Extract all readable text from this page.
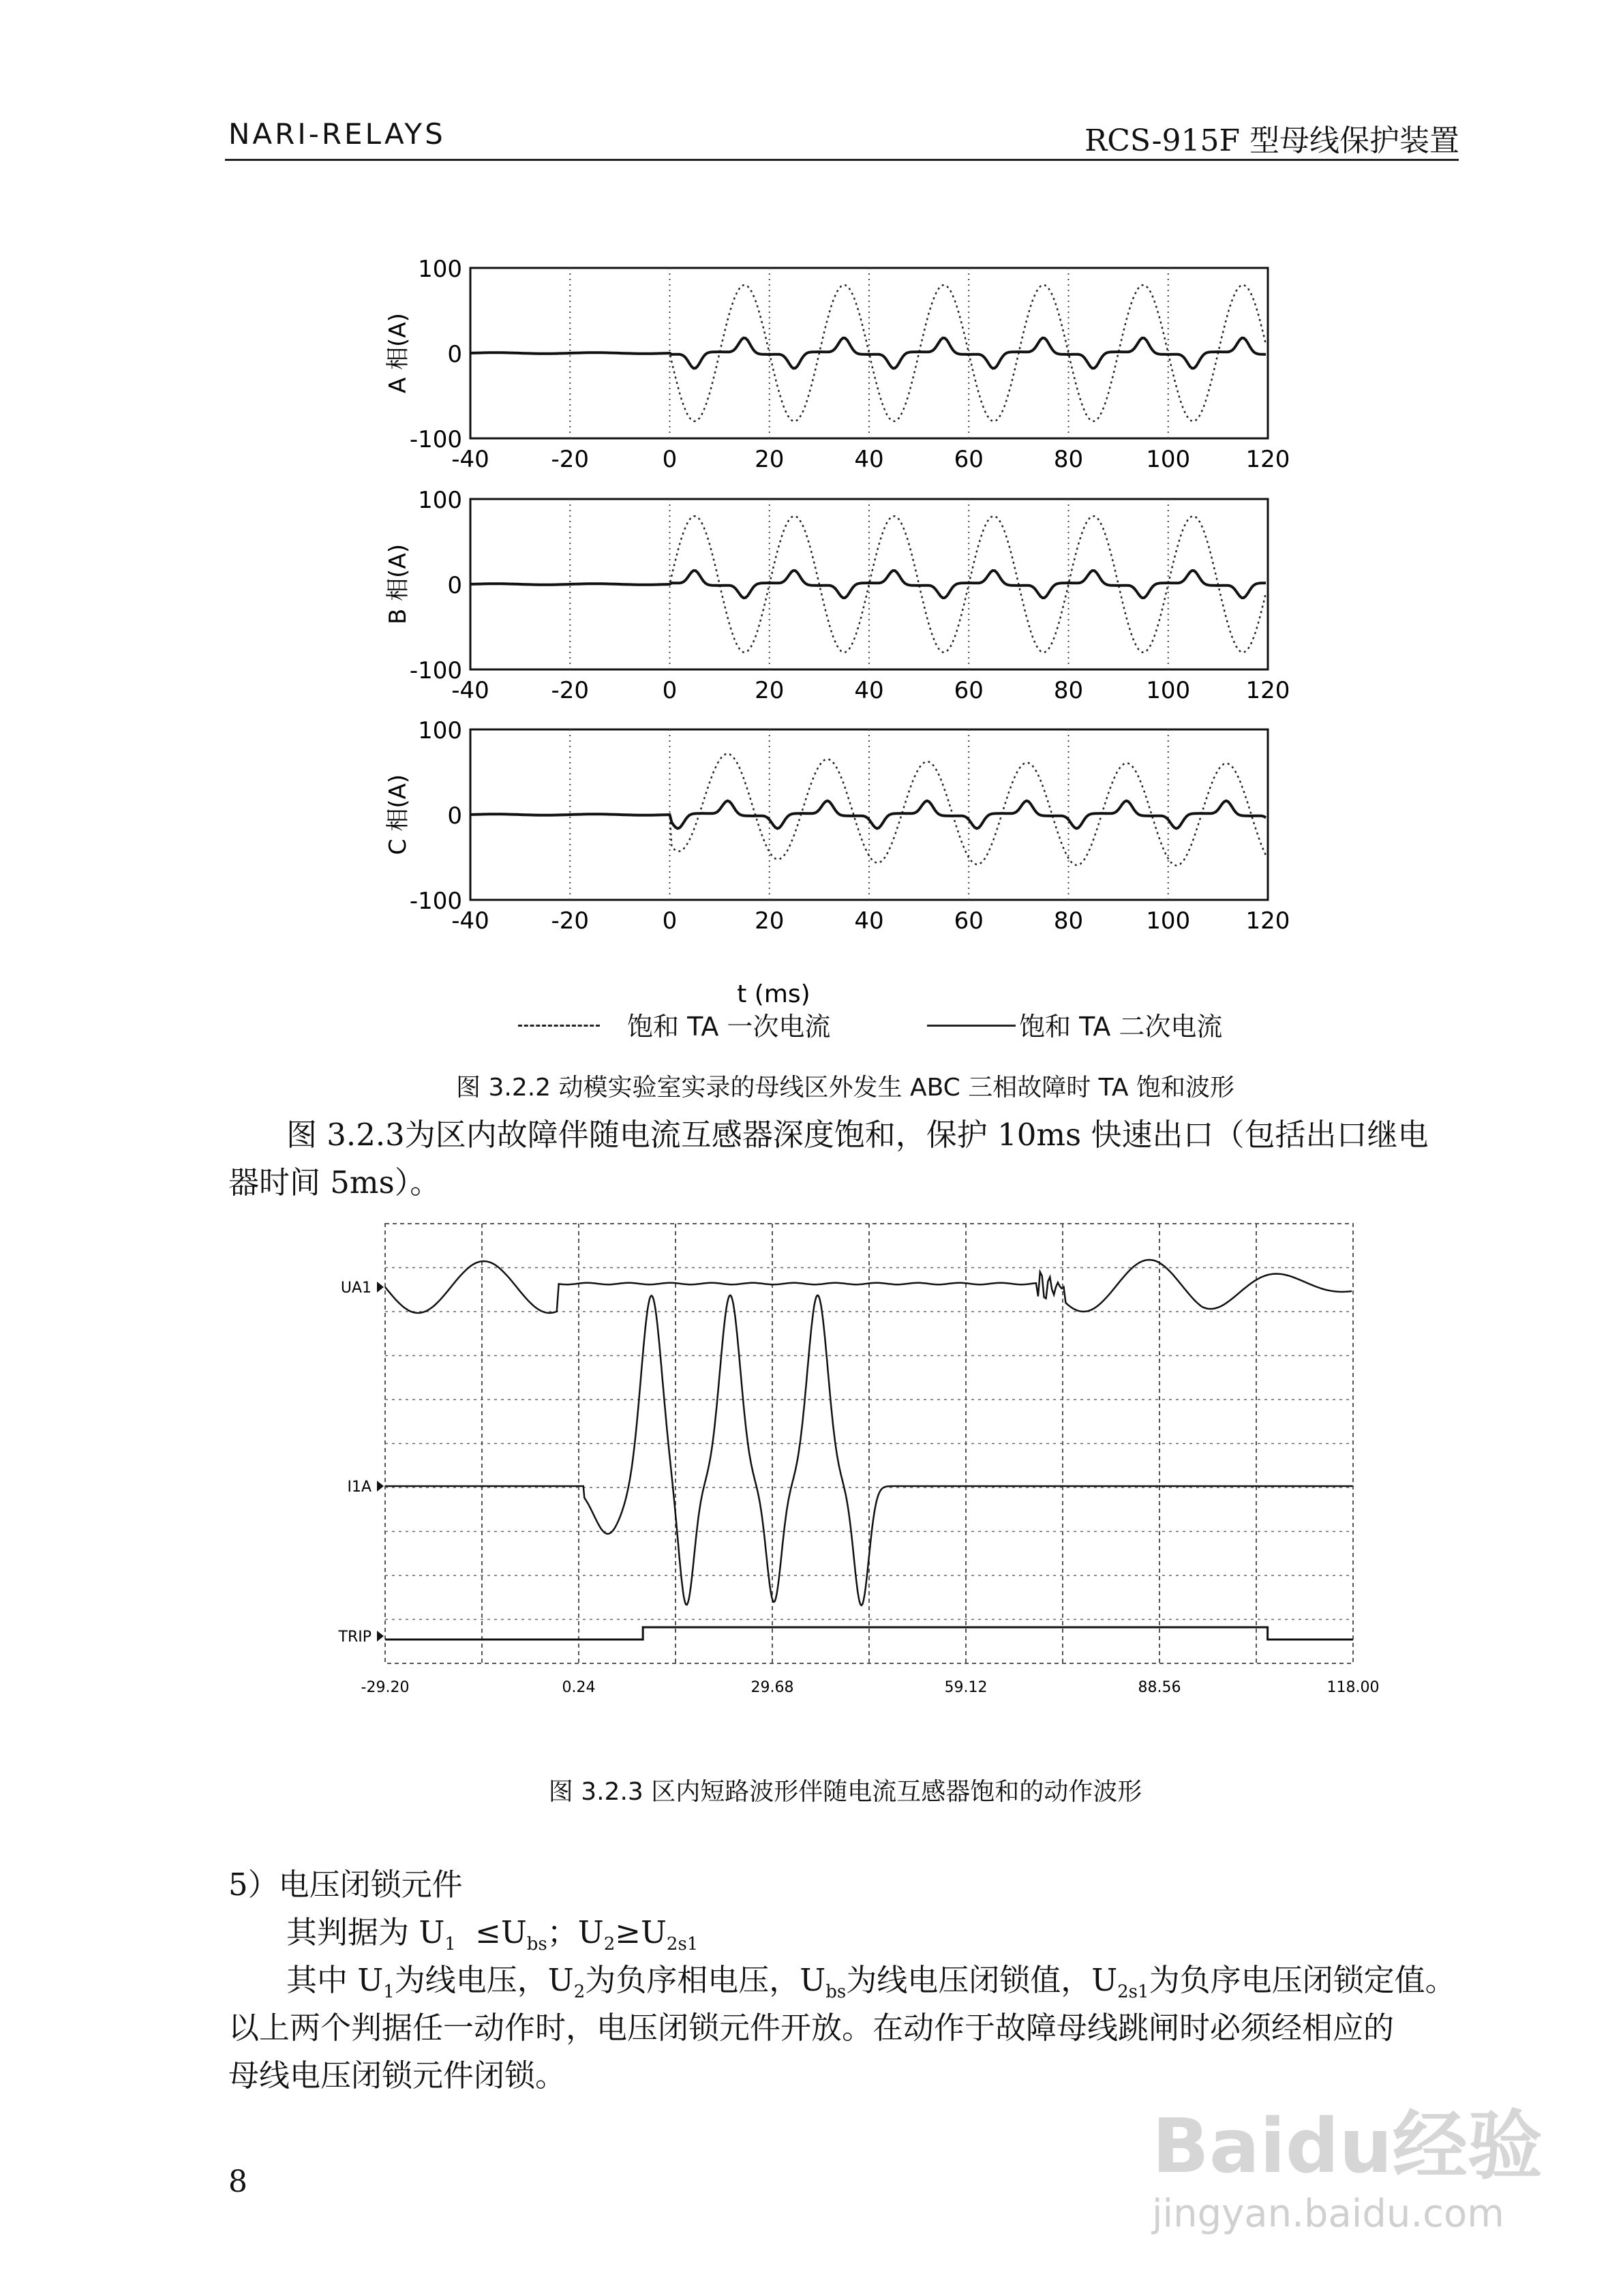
NARI-RELAYS	RCS-915F 型母线保护装置
100
0
-100
-40	-20	0	20	40	60	80	100 120
A 相(A)
100
0
-100
-40	-20	0	20	40	60	80	100 120
B 相(A)
100
0
-100
-40	-20	0	20	40	60	80	100 120
C 相(A)
t (ms)
饱和 TA 一次电流	饱和 TA 二次电流
图 3.2.2 动模实验室实录的母线区外发生 ABC 三相故障时 TA 饱和波形
图 3.2.3为区内故障伴随电流互感器深度饱和，保护 10ms 快速出口（包括出口继电
器时间 5ms）。
UA1
I1A
TRIP
-29.20	0.24	29.68	59.12	88.56	118.00
图 3.2.3 区内短路波形伴随电流互感器饱和的动作波形
5）电压闭锁元件
其判据为 $U_1 \le U_{bs}$；$U_2\ge U_{2s1}$
其中 $U_1$为线电压，$U_2$为负序相电压，$U_{bs}$为线电压闭锁值，$U_{2s1}$为负序电压闭锁定值。
以上两个判据任一动作时，电压闭锁元件开放。在动作于故障母线跳闸时必须经相应的
母线电压闭锁元件闭锁。
8	Baidu经验
jingyan.baidu.com
